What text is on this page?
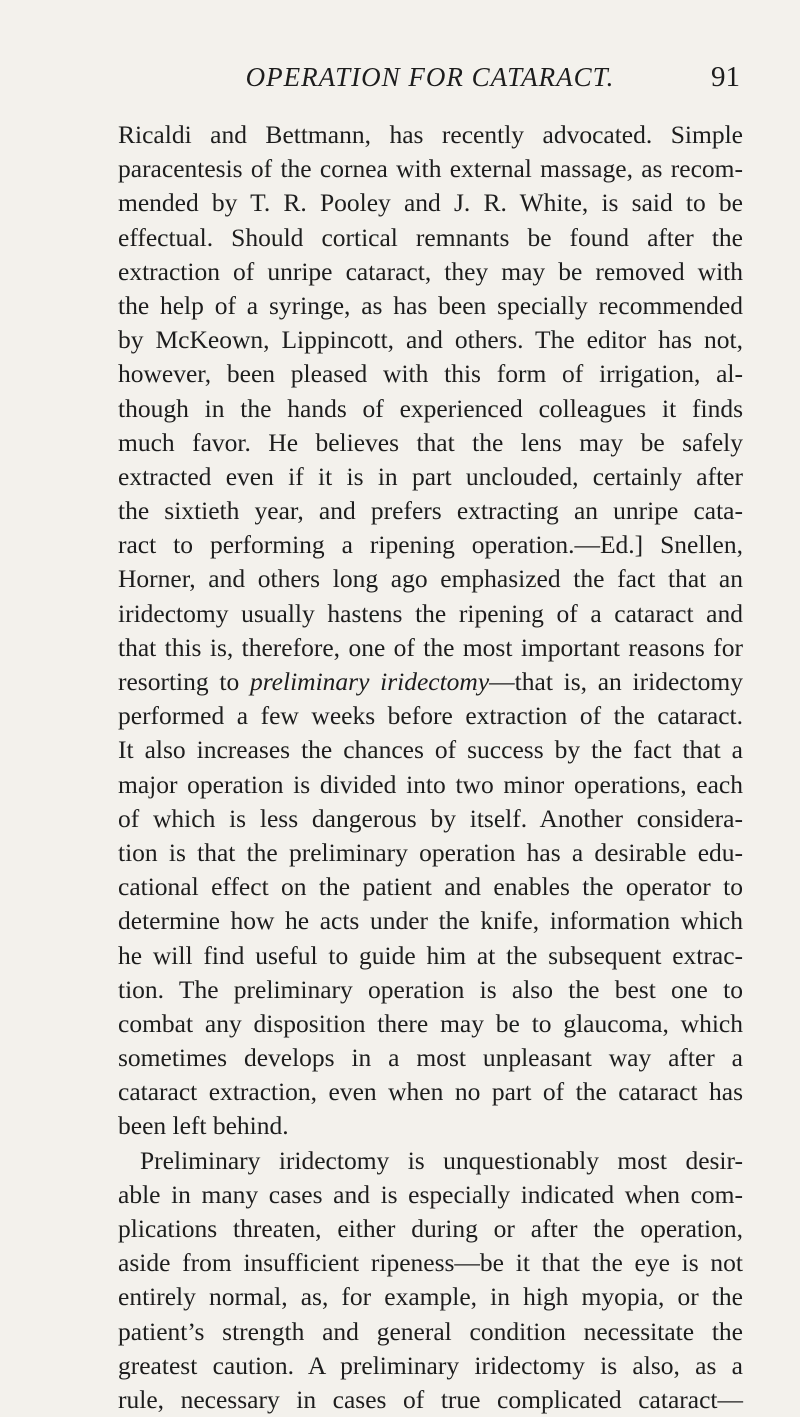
OPERATION FOR CATARACT.	91
Ricaldi and Bettmann, has recently advocated. Simple
paracentesis of the cornea with external massage, as recom-
mended by T. R. Pooley and J. R. White, is said to be
effectual. Should cortical remnants be found after the
extraction of unripe cataract, they may be removed with
the help of a syringe, as has been specially recommended
by McKeown, Lippincott, and others. The editor has not,
however, been pleased with this form of irrigation, al-
though in the hands of experienced colleagues it finds
much favor. He believes that the lens may be safely
extracted even if it is in part unclouded, certainly after
the sixtieth year, and prefers extracting an unripe cata-
ract to performing a ripening operation.—Ed.] Snellen,
Horner, and others long ago emphasized the fact that an
iridectomy usually hastens the ripening of a cataract and
that this is, therefore, one of the most important reasons for
resorting to preliminary iridectomy—that is, an iridectomy
performed a few weeks before extraction of the cataract.
It also increases the chances of success by the fact that a
major operation is divided into two minor operations, each
of which is less dangerous by itself. Another considera-
tion is that the preliminary operation has a desirable edu-
cational effect on the patient and enables the operator to
determine how he acts under the knife, information which
he will find useful to guide him at the subsequent extrac-
tion. The preliminary operation is also the best one to
combat any disposition there may be to glaucoma, which
sometimes develops in a most unpleasant way after a
cataract extraction, even when no part of the cataract has
been left behind.
Preliminary iridectomy is unquestionably most desir-
able in many cases and is especially indicated when com-
plications threaten, either during or after the operation,
aside from insufficient ripeness—be it that the eye is not
entirely normal, as, for example, in high myopia, or the
patient’s strength and general condition necessitate the
greatest caution. A preliminary iridectomy is also, as a
rule, necessary in cases of true complicated cataract—
